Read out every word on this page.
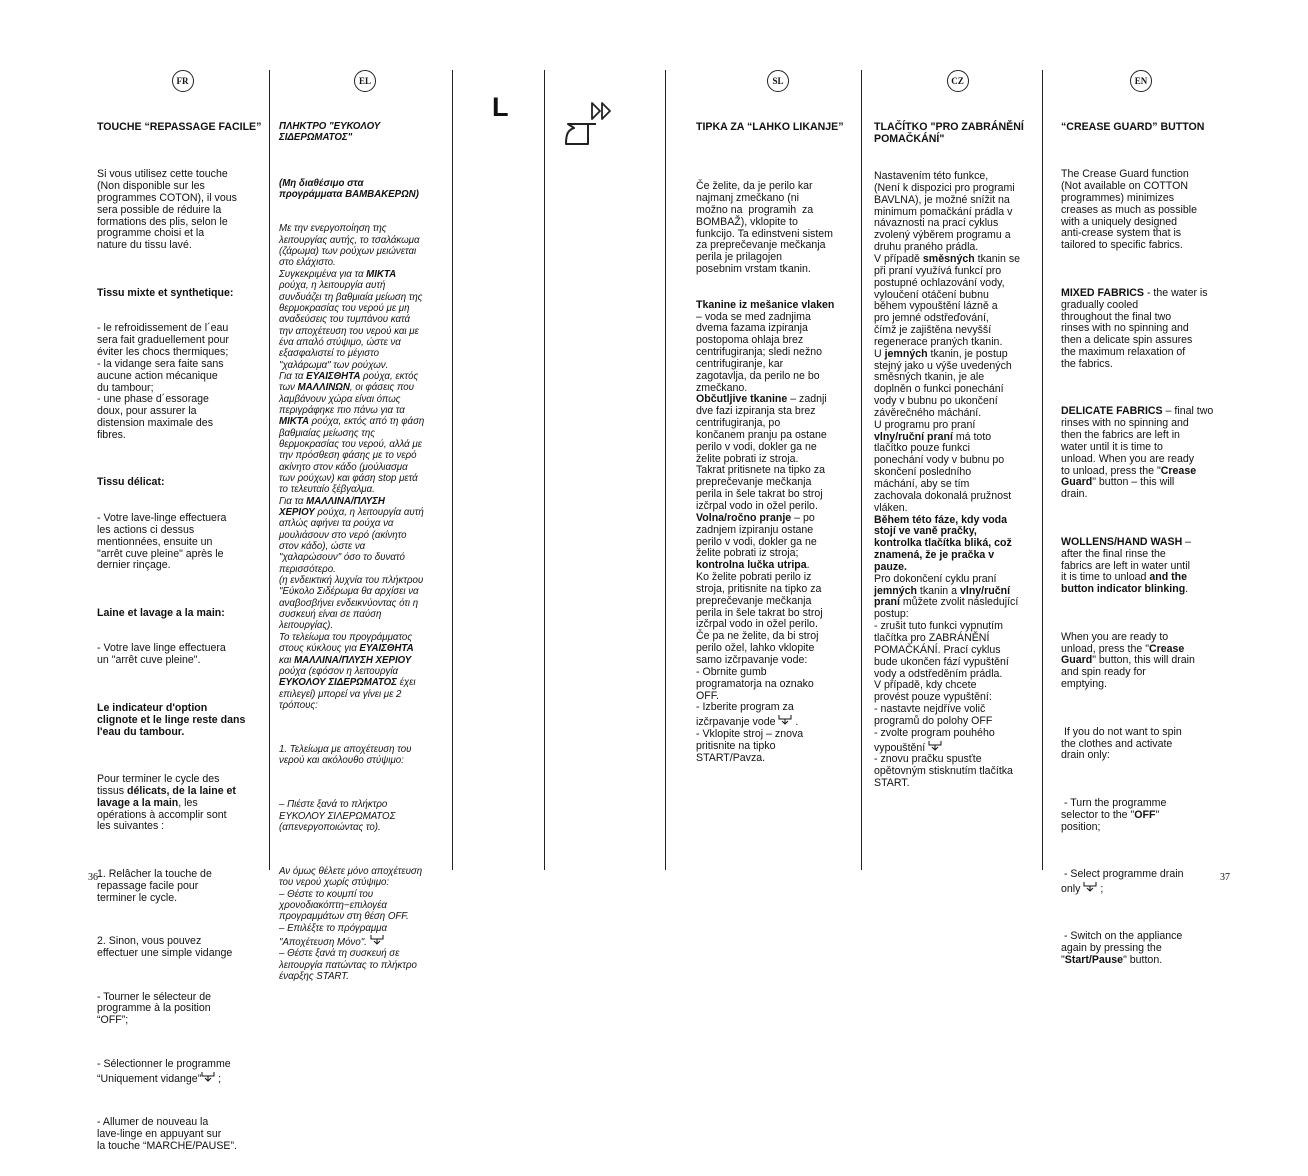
FR

TOUCHE “REPASSAGE FACILE”

Si vous utilisez cette touche
(Non disponible sur les
programmes COTON), il vous
sera possible de réduire la
formations des plis, selon le
programme choisi et la
nature du tissu lavé.

Tissu mixte et synthetique:

- le refroidissement de l´eau
sera fait graduellement pour
éviter les chocs thermiques;
- la vidange sera faite sans
aucune action mécanique
du tambour;
- une phase d´essorage
doux, pour assurer la
distension maximale des
fibres.

Tissu délicat:

- Votre lave-linge effectuera
les actions ci dessus
mentionnées, ensuite un
"arrêt cuve pleine" après le
dernier rinçage.

Laine et lavage a la main:

- Votre lave linge effectuera
un "arrêt cuve pleine".

Le indicateur d'option
clignote et le linge reste dans
l'eau du tambour.

Pour terminer le cycle des
tissus délicats, de la laine et
lavage a la main, les
opérations à accomplir sont
les suivantes :

1. Relâcher la touche de
repassage facile pour
terminer le cycle.

2. Sinon, vous pouvez
effectuer une simple vidange

- Tourner le sélecteur de
programme à la position
“OFF”;

- Sélectionner le programme
“Uniquement vidange” ;

- Allumer de nouveau la
lave-linge en appuyant sur
la touche “MARCHE/PAUSE”.

EL

ΠΛΗΚΤΡΟ "ΕΥΚΟΛΟΥ
ΣΙΔΕΡΩΜΑΤΟΣ"

(Μη διαθέσιμο στα
προγράμματα ΒΑΜΒΑΚΕΡΩΝ)

Με την ενεργοποίηση της
λειτουργίας αυτής, το τσαλάκωμα
(ζάρωμα) των ρούχων μειώνεται
στο ελάχιστο.
Συγκεκριμένα για τα ΜΙΚΤΑ
ρούχα, η λειτουργία αυτή
συνδυάζει τη βαθμιαία μείωση της
θερμοκρασίας του νερού με μη
αναδεύσεις του τυμπάνου κατά
την αποχέτευση του νερού και με
ένα απαλό στύψιμο, ώστε να
εξασφαλιστεί το μέγιστο
"χαλάρωμα" των ρούχων.
Για τα ΕΥΑΙΣΘΗΤΑ ρούχα, εκτός
των ΜΑΛΛΙΝΩΝ, οι φάσεις που
λαμβάνουν χώρα είναι όπως
περιγράφηκε πιο πάνω για τα
ΜΙΚΤΑ ρούχα, εκτός από τη φάση
βαθμιαίας μείωσης της
θερμοκρασίας του νερού, αλλά με
την πρόσθεση φάσης με το νερό
ακίνητο στον κάδο (μούλιασμα
των ρούχων) και φάση stop μετά
το τελευταίο ξέβγαλμα.
Για τα ΜΑΛΛΙΝΑ/ΠΛΥΣΗ
ΧΕΡΙΟΥ ρούχα, η λειτουργία αυτή
απλώς αφήνει τα ρούχα να
μουλιάσουν στο νερό (ακίνητο
στον κάδο), ώστε να
"χαλαρώσουν" όσο το δυνατό
περισσότερο.
(η ενδεικτική λυχνία του πλήκτρου
"Εύκολο Σιδέρωμα θα αρχίσει να
αναβοσβήνει ενδεικνύοντας ότι η
συσκευή είναι σε παύση
λειτουργίας).
Το τελείωμα του προγράμματος
στους κύκλους για ΕΥΑΙΣΘΗΤΑ
και ΜΑΛΛΙΝΑ/ΠΛΥΣΗ ΧΕΡΙΟΥ
ρούχα (εφόσον η λειτουργία
ΕΥΚΟΛΟΥ ΣΙΔΕΡΩΜΑΤΟΣ έχει
επιλεγεί) μπορεί να γίνει με 2
τρόπους:

1. Τελείωμα με αποχέτευση του
νερού και ακόλουθο στύψιμο:

– Πιέστε ξανά το πλήκτρο
ΕΥΚΟΛΟΥ ΣΙΛΕΡΩΜΑΤΟΣ
(απενεργοποιώντας το).

Αν όμως θέλετε μόνο αποχέτευση
του νερού χωρίς στύψιμο:
– Θέστε το κουμπί του
χρονοδιακόπτη−επιλογέα
προγραμμάτων στη θέση OFF.
– Επιλέξτε το πρόγραμμα
"Αποχέτευση Μόνο".
– Θέστε ξανά τη συσκευή σε
λειτουργία πατώντας το πλήκτρο
έναρξης START.

L
SL

TIPKA ZA “LAHKO LIKANJE”

Če želite, da je perilo kar
najmanj zmečkano (ni
možno na  programih  za
BOMBAŽ), vklopite to
funkcijo. Ta edinstveni sistem
za preprečevanje mečkanja
perila je prilagojen
posebnim vrstam tkanin.

Tkanine iz mešanice vlaken
– voda se med zadnjima
dvema fazama izpiranja
postopoma ohlaja brez
centrifugiranja; sledi nežno
centrifugiranje, kar
zagotavlja, da perilo ne bo
zmečkano.
Občutljive tkanine – zadnji
dve fazi izpiranja sta brez
centrifugiranja, po
končanem pranju pa ostane
perilo v vodi, dokler ga ne
želite pobrati iz stroja.
Takrat pritisnete na tipko za
preprečevanje mečkanja
perila in šele takrat bo stroj
izčrpal vodo in ožel perilo.
Volna/ročno pranje – po
zadnjem izpiranju ostane
perilo v vodi, dokler ga ne
želite pobrati iz stroja;
kontrolna lučka utripa.
Ko želite pobrati perilo iz
stroja, pritisnite na tipko za
preprečevanje mečkanja
perila in šele takrat bo stroj
izčrpal vodo in ožel perilo.
Če pa ne želite, da bi stroj
perilo ožel, lahko vklopite
samo izčrpavanje vode:
- Obrnite gumb
programatorja na oznako
OFF.
- Izberite program za
izčrpavanje vode  .
- Vklopite stroj – znova
pritisnite na tipko
START/Pavza.

CZ

TLAČÍTKO "PRO ZABRÁNĚNÍ
POMAČKÁNÍ"

Nastavením této funkce,
(Není k dispozici pro programi
BAVLNA), je možné snížit na
minimum pomačkání prádla v
návaznosti na prací cyklus
zvolený výběrem programu a
druhu praného prádla.
V případě směsných tkanin se
při praní využívá funkcí pro
postupné ochlazování vody,
vyloučení otáčení bubnu
během vypouštění lázně a
pro jemné odstřeďování,
čímž je zajištěna nevyšší
regenerace praných tkanin.
U jemných tkanin, je postup
stejný jako u výše uvedených
směsných tkanin, je ale
doplněn o funkci ponechání
vody v bubnu po ukončení
závěrečného máchání.
U programu pro praní
vlny/ruční praní má toto
tlačítko pouze funkci
ponechání vody v bubnu po
skončení posledního
máchání, aby se tím
zachovala dokonalá pružnost
vláken.
Během této fáze, kdy voda
stojí ve vaně pračky,
kontrolka tlačítka bliká, což
znamená, že je pračka v
pauze.
Pro dokončení cyklu praní
jemných tkanin a vlny/ruční
praní můžete zvolit následující
postup:
- zrušit tuto funkci vypnutím
tlačítka pro ZABRÁNĚNÍ
POMAČKÁNÍ. Prací cyklus
bude ukončen fází vypuštění
vody a odstředěním prádla.
V případě, kdy chcete
provést pouze vypuštění:
- nastavte nejdříve volič
programů do polohy OFF
- zvolte program pouhého
vypouštění
- znovu pračku spusťte
opětovným stisknutím tlačítka
START.

EN

“CREASE GUARD” BUTTON

The Crease Guard function
(Not available on COTTON
programmes) minimizes
creases as much as possible
with a uniquely designed
anti-crease system that is
tailored to specific fabrics.

MIXED FABRICS - the water is
gradually cooled
throughout the final two
rinses with no spinning and
then a delicate spin assures
the maximum relaxation of
the fabrics.

DELICATE FABRICS – final two
rinses with no spinning and
then the fabrics are left in
water until it is time to
unload. When you are ready
to unload, press the "Crease
Guard" button – this will
drain.

WOLLENS/HAND WASH –
after the final rinse the
fabrics are left in water until
it is time to unload and the
button indicator blinking.

When you are ready to
unload, press the "Crease
Guard" button, this will drain
and spin ready for
emptying.

If you do not want to spin
the clothes and activate
drain only:

- Turn the programme
selector to the "OFF"
position;

- Select programme drain
only  ;

- Switch on the appliance
again by pressing the
"Start/Pause" button.

36	37
